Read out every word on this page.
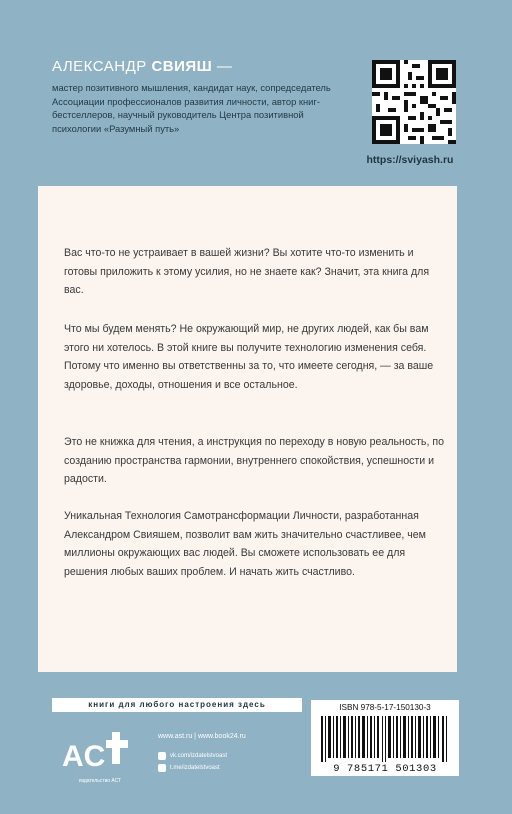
АЛЕКСАНДР СВИЯШ —

мастер позитивного мышления, кандидат наук, сопредседатель Ассоциации профессионалов развития личности, автор книг-бестселлеров, научный руководитель Центра позитивной психологии «Разумный путь»

https://sviyash.ru

Вас что-то не устраивает в вашей жизни? Вы хотите что-то изменить и готовы приложить к этому усилия, но не знаете как? Значит, эта книга для вас.

Что мы будем менять? Не окружающий мир, не других людей, как бы вам этого ни хотелось. В этой книге вы получите технологию изменения себя. Потому что именно вы ответственны за то, что имеете сегодня, — за ваше здоровье, доходы, отношения и все остальное.

Это не книжка для чтения, а инструкция по переходу в новую реальность, по созданию пространства гармонии, внутреннего спокойствия, успешности и радости.

Уникальная Технология Самотрансформации Личности, разработанная Александром Свияшем, позволит вам жить значительно счастливее, чем миллионы окружающих вас людей. Вы сможете использовать ее для решения любых ваших проблем. И начать жить счастливо.

книги для любого настроения здесь
AC
издательство АСТ
www.ast.ru | www.book24.ru
vk.com/izdatelstvoast
t.me/izdatelstvoast
ISBN 978-5-17-150130-3
9 785171 501303
